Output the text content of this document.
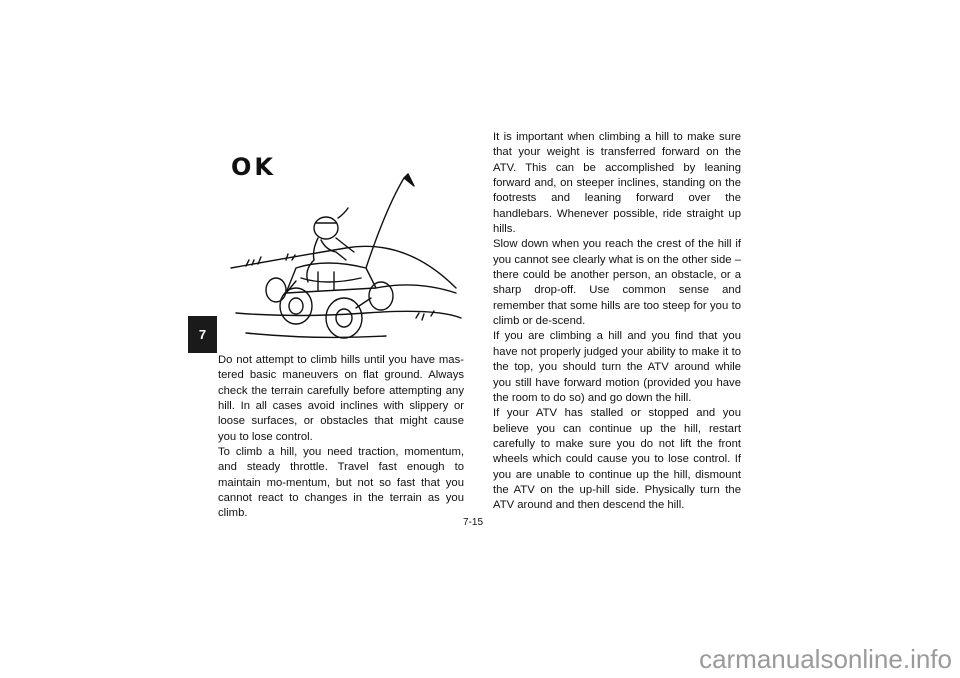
7
OK

Do not attempt to climb hills until you have mas-tered basic maneuvers on flat ground. Always check the terrain carefully before attempting any hill. In all cases avoid inclines with slippery or loose surfaces, or obstacles that might cause you to lose control.

To climb a hill, you need traction, momentum, and steady throttle. Travel fast enough to maintain mo-mentum, but not so fast that you cannot react to changes in the terrain as you climb.

It is important when climbing a hill to make sure that your weight is transferred forward on the ATV. This can be accomplished by leaning forward and, on steeper inclines, standing on the footrests and leaning forward over the handlebars. Whenever possible, ride straight up hills.

Slow down when you reach the crest of the hill if you cannot see clearly what is on the other side – there could be another person, an obstacle, or a sharp drop-off. Use common sense and remember that some hills are too steep for you to climb or de-scend.

If you are climbing a hill and you find that you have not properly judged your ability to make it to the top, you should turn the ATV around while you still have forward motion (provided you have the room to do so) and go down the hill.

If your ATV has stalled or stopped and you believe you can continue up the hill, restart carefully to make sure you do not lift the front wheels which could cause you to lose control. If you are unable to continue up the hill, dismount the ATV on the up-hill side. Physically turn the ATV around and then descend the hill.

7-15
carmanualsonline.info
